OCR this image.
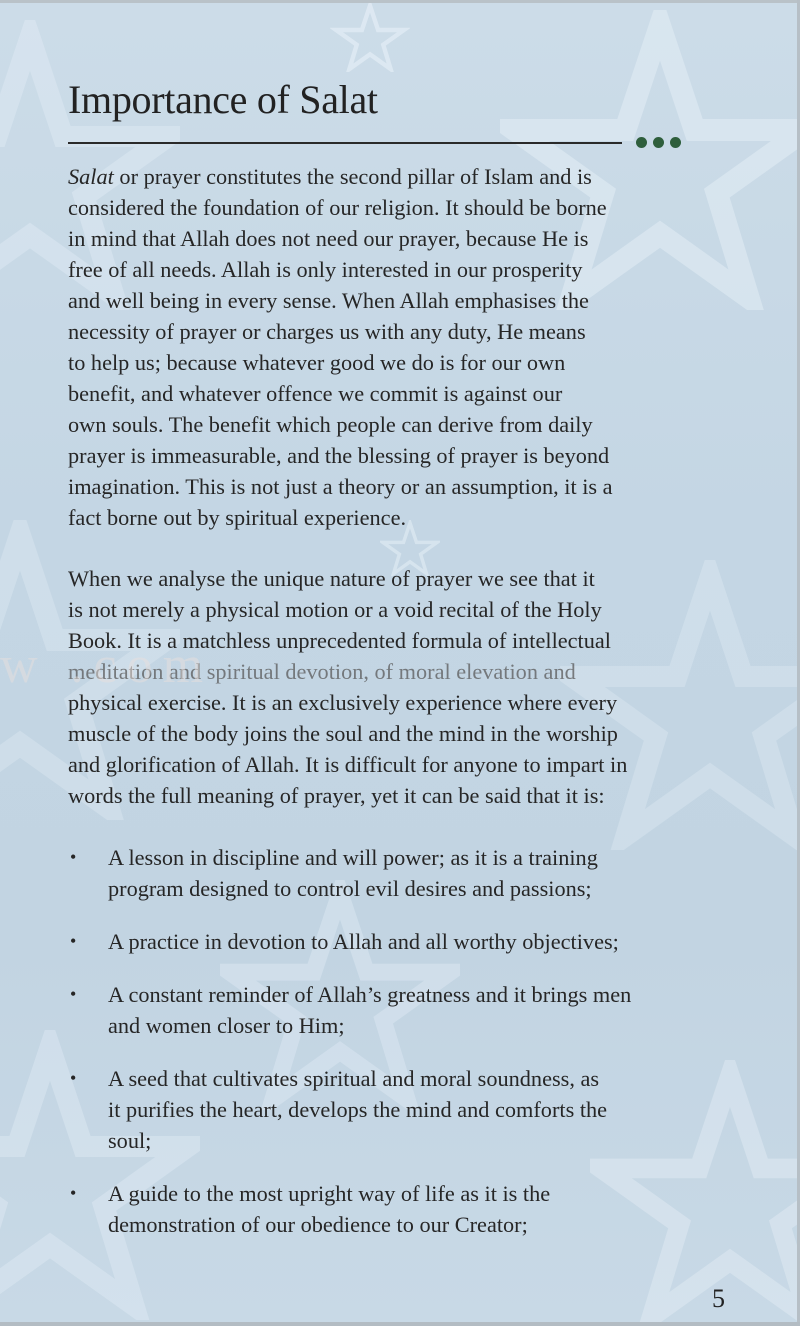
Importance of Salat
Salat or prayer constitutes the second pillar of Islam and is
considered the foundation of our religion. It should be borne
in mind that Allah does not need our prayer, because He is
free of all needs. Allah is only interested in our prosperity
and well being in every sense. When Allah emphasises the
necessity of prayer or charges us with any duty, He means
to help us; because whatever good we do is for our own
benefit, and whatever offence we commit is against our
own souls. The benefit which people can derive from daily
prayer is immeasurable, and the blessing of prayer is beyond
imagination. This is not just a theory or an assumption, it is a
fact borne out by spiritual experience.
When we analyse the unique nature of prayer we see that it
is not merely a physical motion or a void recital of the Holy
Book. It is a matchless unprecedented formula of intellectual
meditation and spiritual devotion, of moral elevation and
physical exercise. It is an exclusively experience where every
muscle of the body joins the soul and the mind in the worship
and glorification of Allah. It is difficult for anyone to impart in
words the full meaning of prayer, yet it can be said that it is:
w .com
• A lesson in discipline and will power; as it is a training
program designed to control evil desires and passions;
• A practice in devotion to Allah and all worthy objectives;
• A constant reminder of Allah’s greatness and it brings men
and women closer to Him;
• A seed that cultivates spiritual and moral soundness, as
it purifies the heart, develops the mind and comforts the
soul;
• A guide to the most upright way of life as it is the
demonstration of our obedience to our Creator;
5
